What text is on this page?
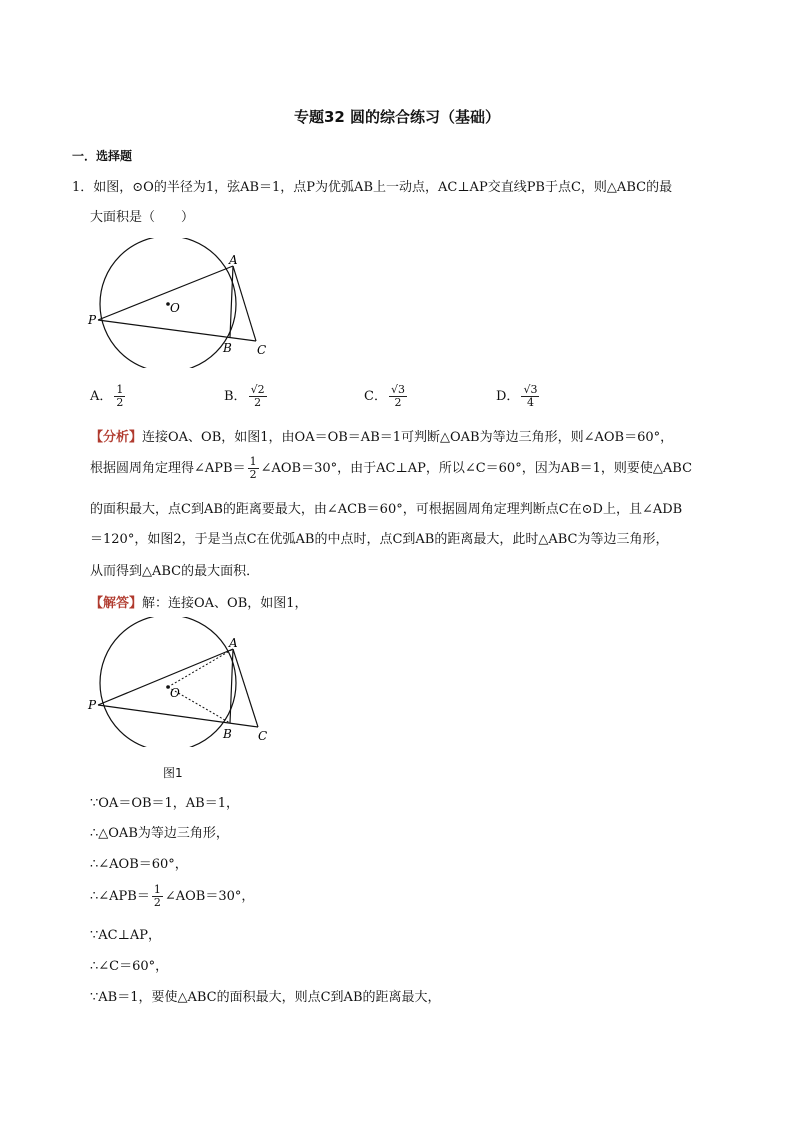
专题32 圆的综合练习（基础）
一．选择题
1．如图，⊙O的半径为1，弦AB＝1，点P为优弧AB上一动点，AC⊥AP交直线PB于点C，则△ABC的最
大面积是（　　）
O
P
A
B C
A． $\frac{1}{2}$	B． $\frac{√2}{2}$	C． $\frac{√3}{2}$	D． $\frac{√3}{4}$
【分析】连接OA、OB，如图1，由OA＝OB＝AB＝1可判断△OAB为等边三角形，则∠AOB＝60°，
根据圆周角定理得∠APB＝ $\frac{1}{2}$ ∠AOB＝30°，由于AC⊥AP，所以∠C＝60°，因为AB＝1，则要使△ABC
的面积最大，点C到AB的距离要最大，由∠ACB＝60°，可根据圆周角定理判断点C在⊙D上，且∠ADB
＝120°，如图2，于是当点C在优弧AB的中点时，点C到AB的距离最大，此时△ABC为等边三角形，
从而得到△ABC的最大面积．
【解答】解：连接OA、OB，如图1，
O
P
A
B C
图1
∵OA＝OB＝1，AB＝1，
∴△OAB为等边三角形，
∴∠AOB＝60°，
∴∠APB＝ $\frac{1}{2}$ ∠AOB＝30°，
∵AC⊥AP，
∴∠C＝60°，
∵AB＝1，要使△ABC的面积最大，则点C到AB的距离最大，
